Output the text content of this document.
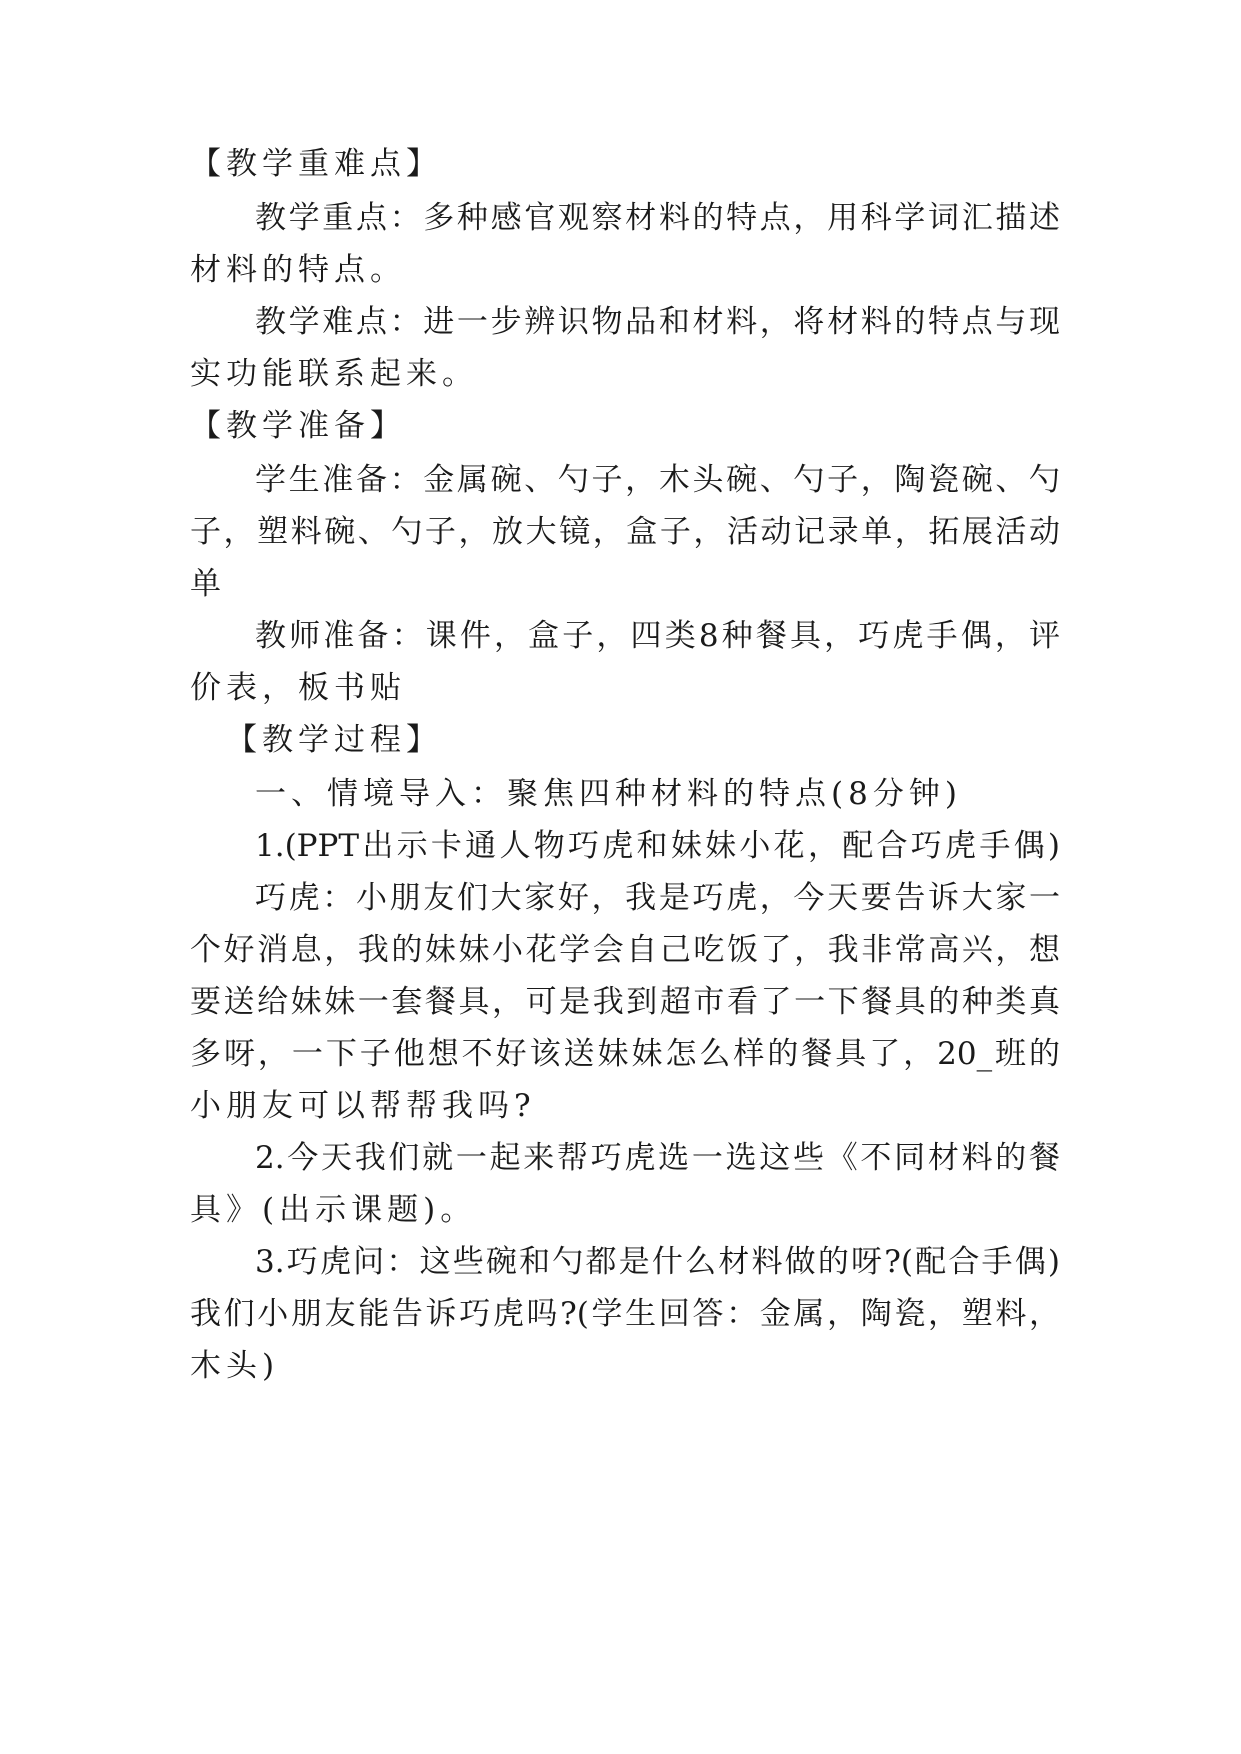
【教学重难点】
教学重点：多种感官观察材料的特点，用科学词汇描述
材料的特点。
教学难点：进一步辨识物品和材料，将材料的特点与现
实功能联系起来。
【教学准备】
学生准备：金属碗、勺子，木头碗、勺子，陶瓷碗、勺
子，塑料碗、勺子，放大镜，盒子，活动记录单，拓展活动
单
教师准备：课件，盒子，四类8种餐具，巧虎手偶，评
价表，板书贴
【教学过程】
一、情境导入：聚焦四种材料的特点(8分钟)
1.(PPT出示卡通人物巧虎和妹妹小花，配合巧虎手偶)
巧虎：小朋友们大家好，我是巧虎，今天要告诉大家一
个好消息，我的妹妹小花学会自己吃饭了，我非常高兴，想
要送给妹妹一套餐具，可是我到超市看了一下餐具的种类真
多呀，一下子他想不好该送妹妹怎么样的餐具了，20_班的
小朋友可以帮帮我吗?
2.今天我们就一起来帮巧虎选一选这些《不同材料的餐
具》(出示课题)。
3.巧虎问：这些碗和勺都是什么材料做的呀?(配合手偶)
我们小朋友能告诉巧虎吗?(学生回答：金属，陶瓷，塑料，
木头)
